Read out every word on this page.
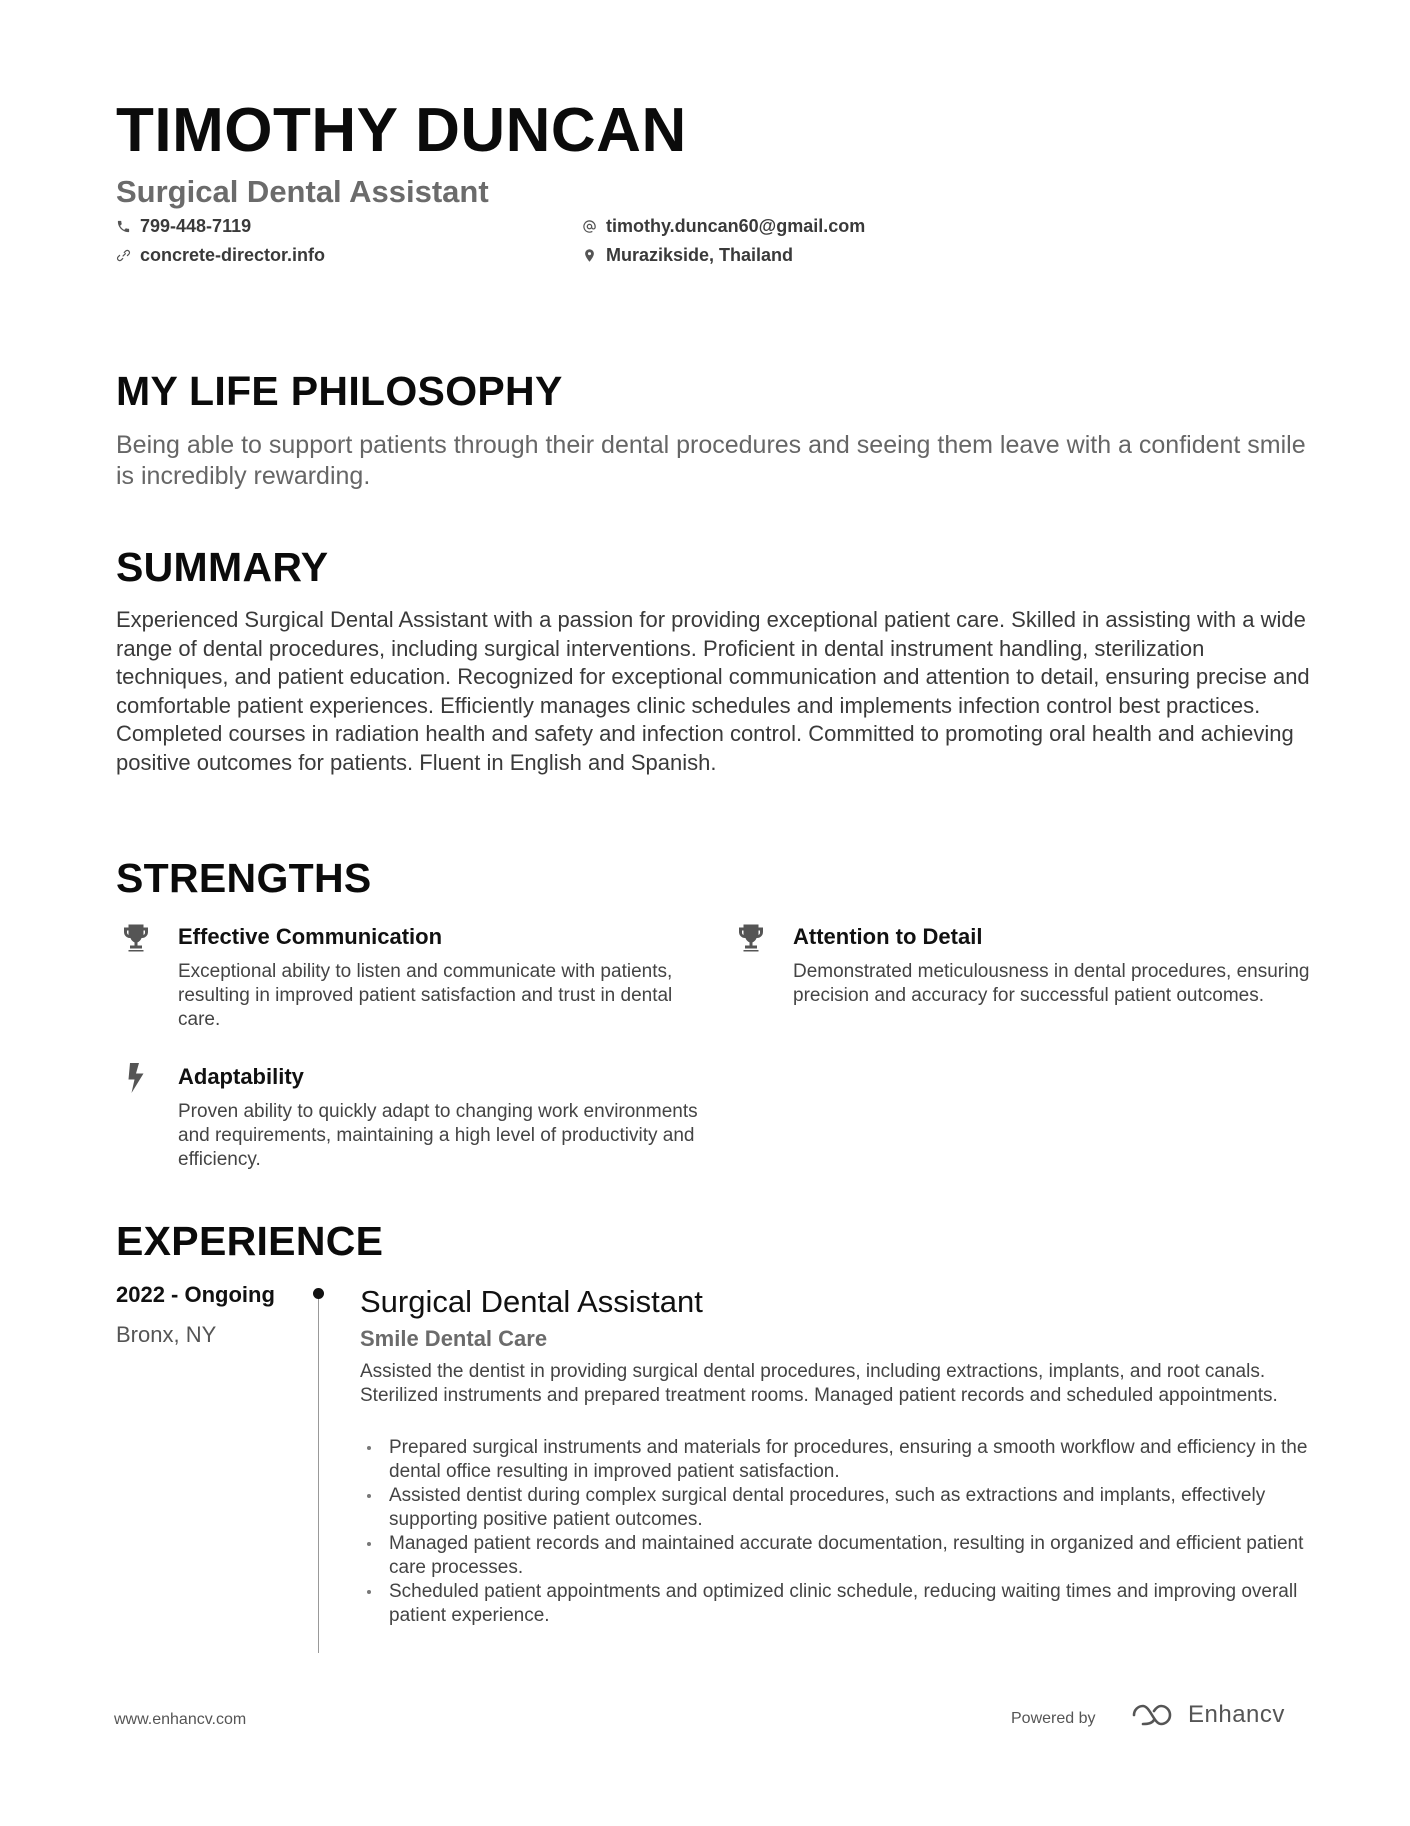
TIMOTHY DUNCAN
Surgical Dental Assistant
799-448-7119	timothy.duncan60@gmail.com
concrete-director.info	Murazikside, Thailand
MY LIFE PHILOSOPHY
Being able to support patients through their dental procedures and seeing them leave with a confident smile is incredibly rewarding.
SUMMARY
Experienced Surgical Dental Assistant with a passion for providing exceptional patient care. Skilled in assisting with a wide range of dental procedures, including surgical interventions. Proficient in dental instrument handling, sterilization techniques, and patient education. Recognized for exceptional communication and attention to detail, ensuring precise and comfortable patient experiences. Efficiently manages clinic schedules and implements infection control best practices. Completed courses in radiation health and safety and infection control. Committed to promoting oral health and achieving positive outcomes for patients. Fluent in English and Spanish.
STRENGTHS
Effective Communication
Exceptional ability to listen and communicate with patients, resulting in improved patient satisfaction and trust in dental care.
Attention to Detail
Demonstrated meticulousness in dental procedures, ensuring precision and accuracy for successful patient outcomes.
Adaptability
Proven ability to quickly adapt to changing work environments and requirements, maintaining a high level of productivity and efficiency.
EXPERIENCE
2022 - Ongoing
Bronx, NY
Surgical Dental Assistant
Smile Dental Care
Assisted the dentist in providing surgical dental procedures, including extractions, implants, and root canals. Sterilized instruments and prepared treatment rooms. Managed patient records and scheduled appointments.
Prepared surgical instruments and materials for procedures, ensuring a smooth workflow and efficiency in the dental office resulting in improved patient satisfaction.
Assisted dentist during complex surgical dental procedures, such as extractions and implants, effectively supporting positive patient outcomes.
Managed patient records and maintained accurate documentation, resulting in organized and efficient patient care processes.
Scheduled patient appointments and optimized clinic schedule, reducing waiting times and improving overall patient experience.
www.enhancv.com	Powered by	Enhancv
